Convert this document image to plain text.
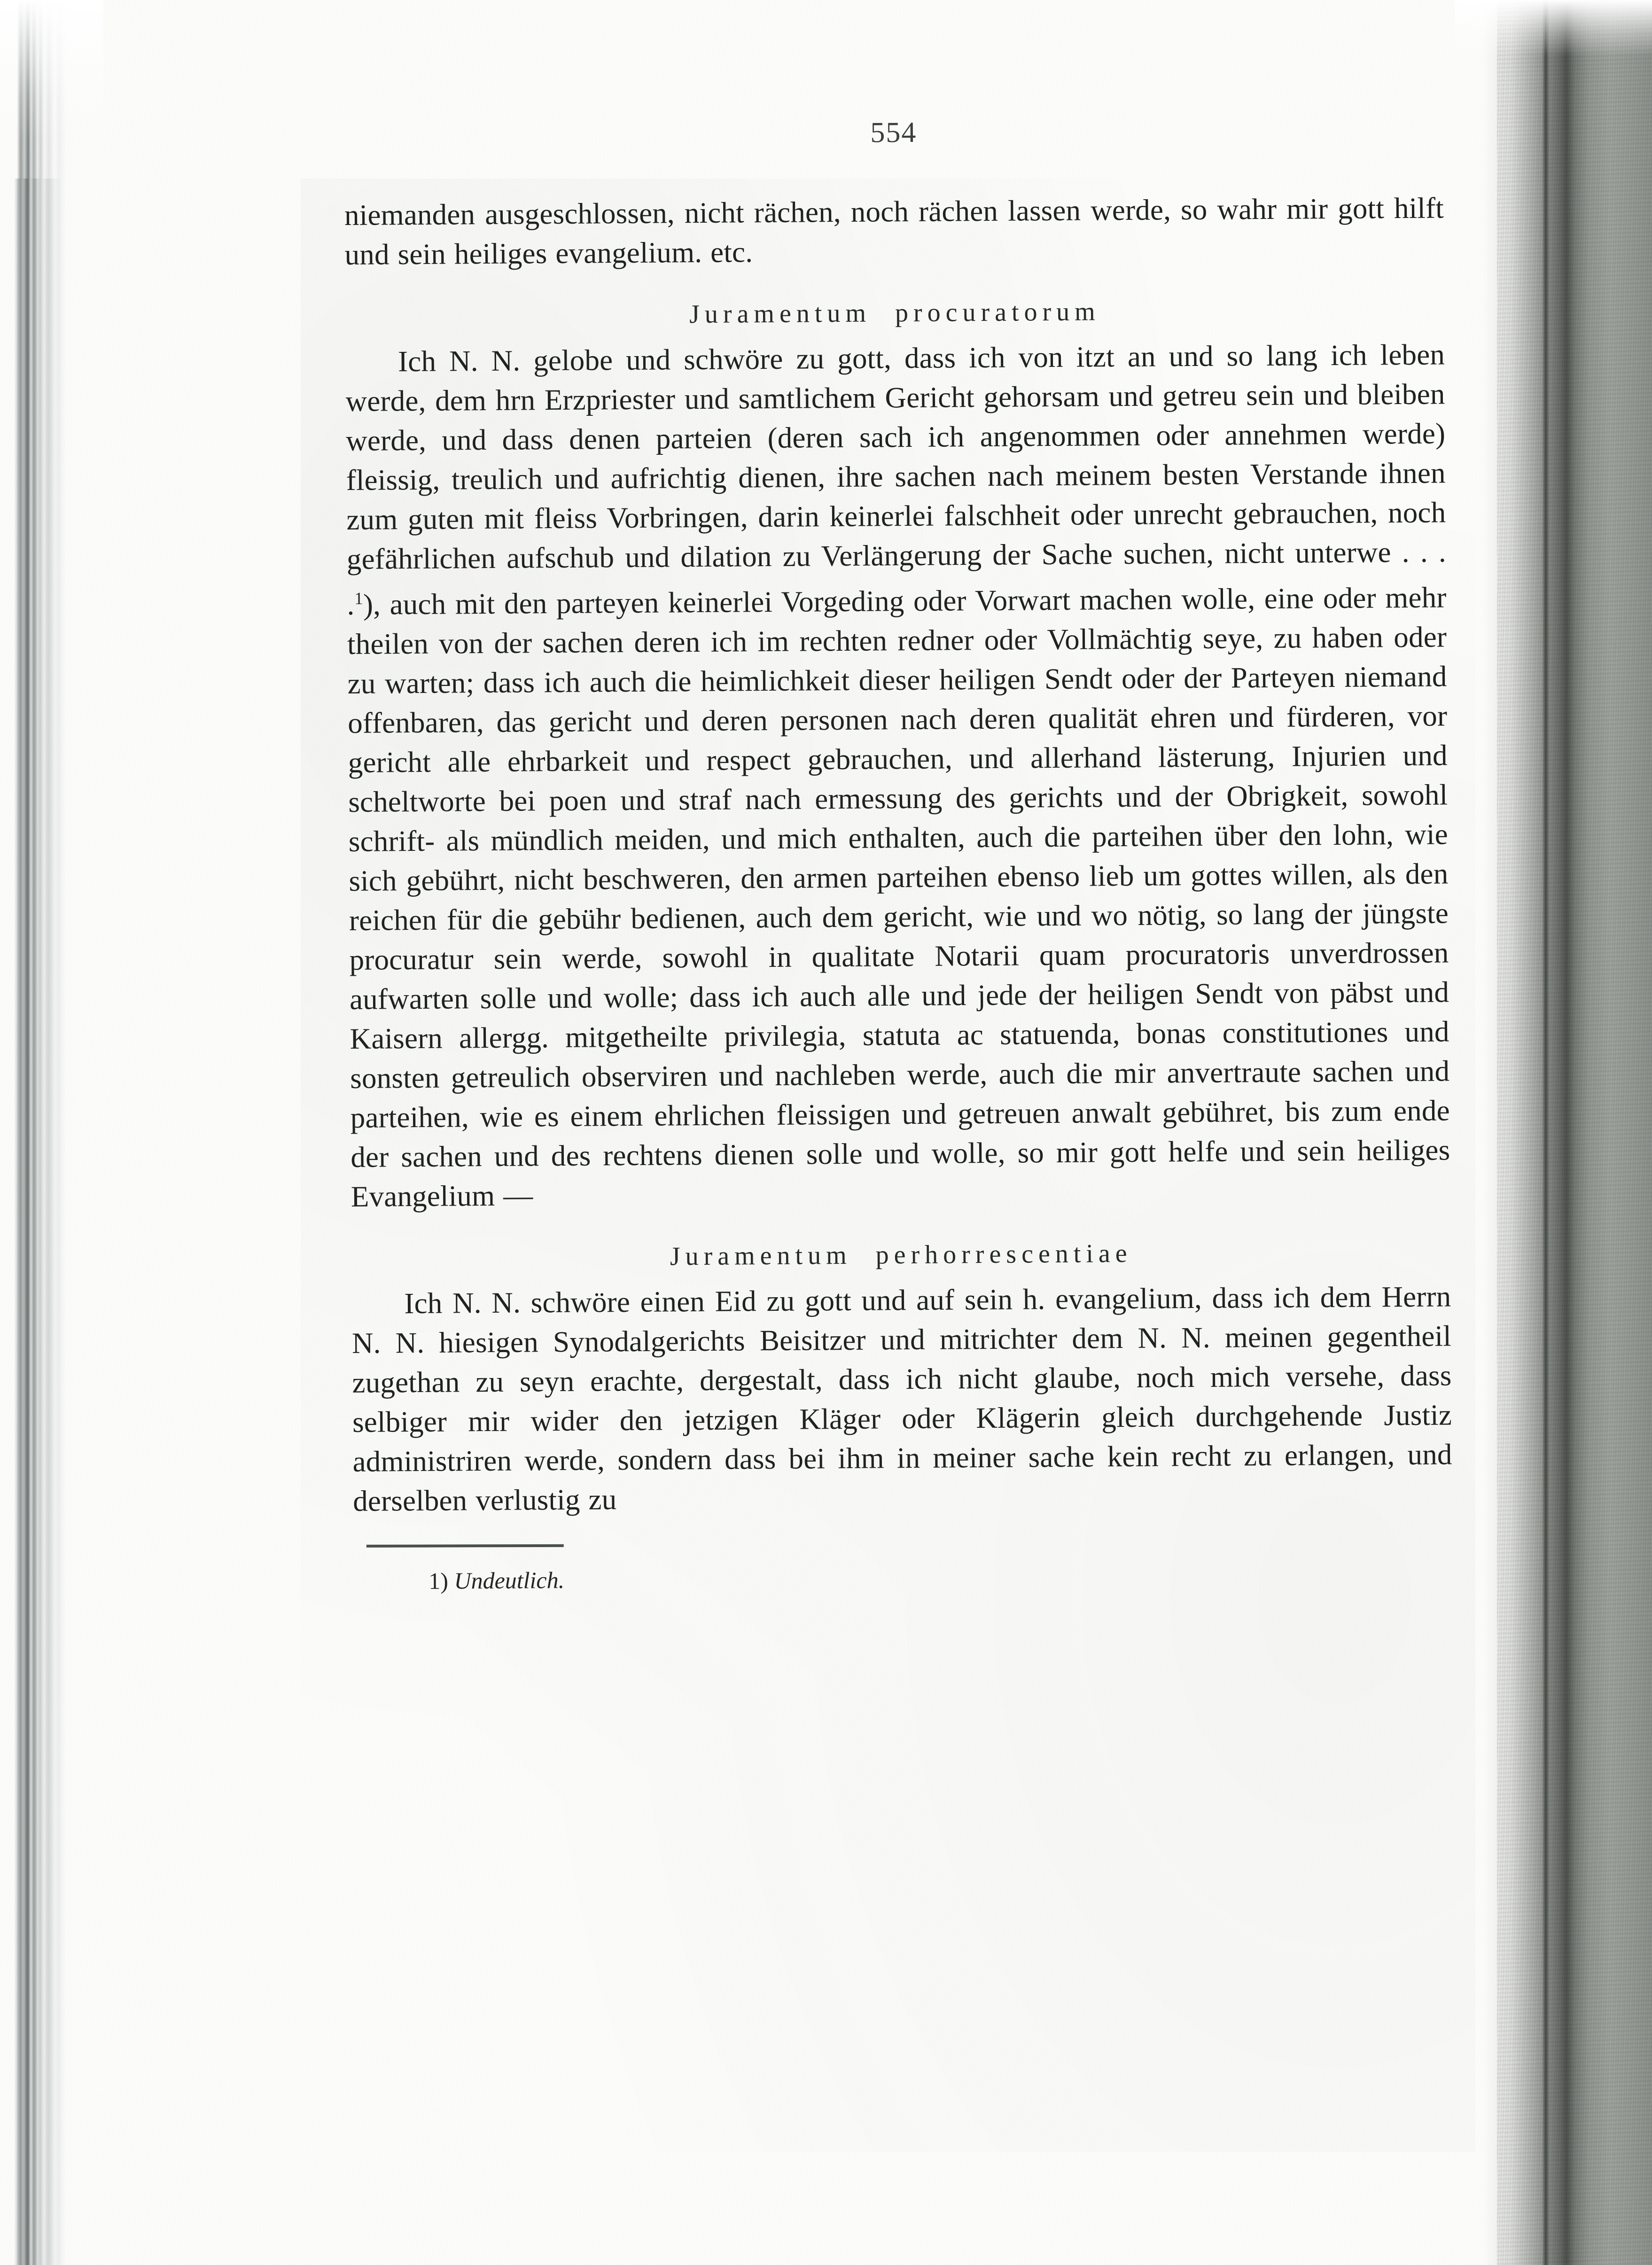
554

niemanden ausgeschlossen, nicht rächen, noch rächen lassen werde, so wahr mir gott hilft und sein heiliges evangelium. etc.

Juramentum procuratorum

Ich N. N. gelobe und schwöre zu gott, dass ich von itzt an und so lang ich leben werde, dem hrn Erzpriester und samtlichem Gericht gehorsam und getreu sein und bleiben werde, und dass denen parteien (deren sach ich angenommen oder annehmen werde) fleissig, treulich und aufrichtig dienen, ihre sachen nach meinem besten Verstande ihnen zum guten mit fleiss Vorbringen, darin keinerlei falschheit oder unrecht gebrauchen, noch gefährlichen aufschub und dilation zu Verlängerung der Sache suchen, nicht unterwe . . . .$^1$), auch mit den parteyen keinerlei Vorgeding oder Vorwart machen wolle, eine oder mehr theilen von der sachen deren ich im rechten redner oder Vollmächtig seye, zu haben oder zu warten; dass ich auch die heimlichkeit dieser heiligen Sendt oder der Parteyen niemand offenbaren, das gericht und deren personen nach deren qualität ehren und fürderen, vor gericht alle ehrbarkeit und respect gebrauchen, und allerhand lästerung, Injurien und scheltworte bei poen und straf nach ermessung des gerichts und der Obrigkeit, sowohl schrift- als mündlich meiden, und mich enthalten, auch die parteihen über den lohn, wie sich gebührt, nicht beschweren, den armen parteihen ebenso lieb um gottes willen, als den reichen für die gebühr bedienen, auch dem gericht, wie und wo nötig, so lang der jüngste procuratur sein werde, sowohl in qualitate Notarii quam procuratoris unverdrossen aufwarten solle und wolle; dass ich auch alle und jede der heiligen Sendt von päbst und Kaisern allergg. mitgetheilte privilegia, statuta ac statuenda, bonas constitutiones und sonsten getreulich observiren und nachleben werde, auch die mir anvertraute sachen und parteihen, wie es einem ehrlichen fleissigen und getreuen anwalt gebühret, bis zum ende der sachen und des rechtens dienen solle und wolle, so mir gott helfe und sein heiliges Evangelium —

Juramentum perhorrescentiae

Ich N. N. schwöre einen Eid zu gott und auf sein h. evangelium, dass ich dem Herrn N. N. hiesigen Synodalgerichts Beisitzer und mitrichter dem N. N. meinen gegentheil zugethan zu seyn erachte, dergestalt, dass ich nicht glaube, noch mich versehe, dass selbiger mir wider den jetzigen Kläger oder Klägerin gleich durchgehende Justiz administriren werde, sondern dass bei ihm in meiner sache kein recht zu erlangen, und derselben verlustig zu

1) Undeutlich.
